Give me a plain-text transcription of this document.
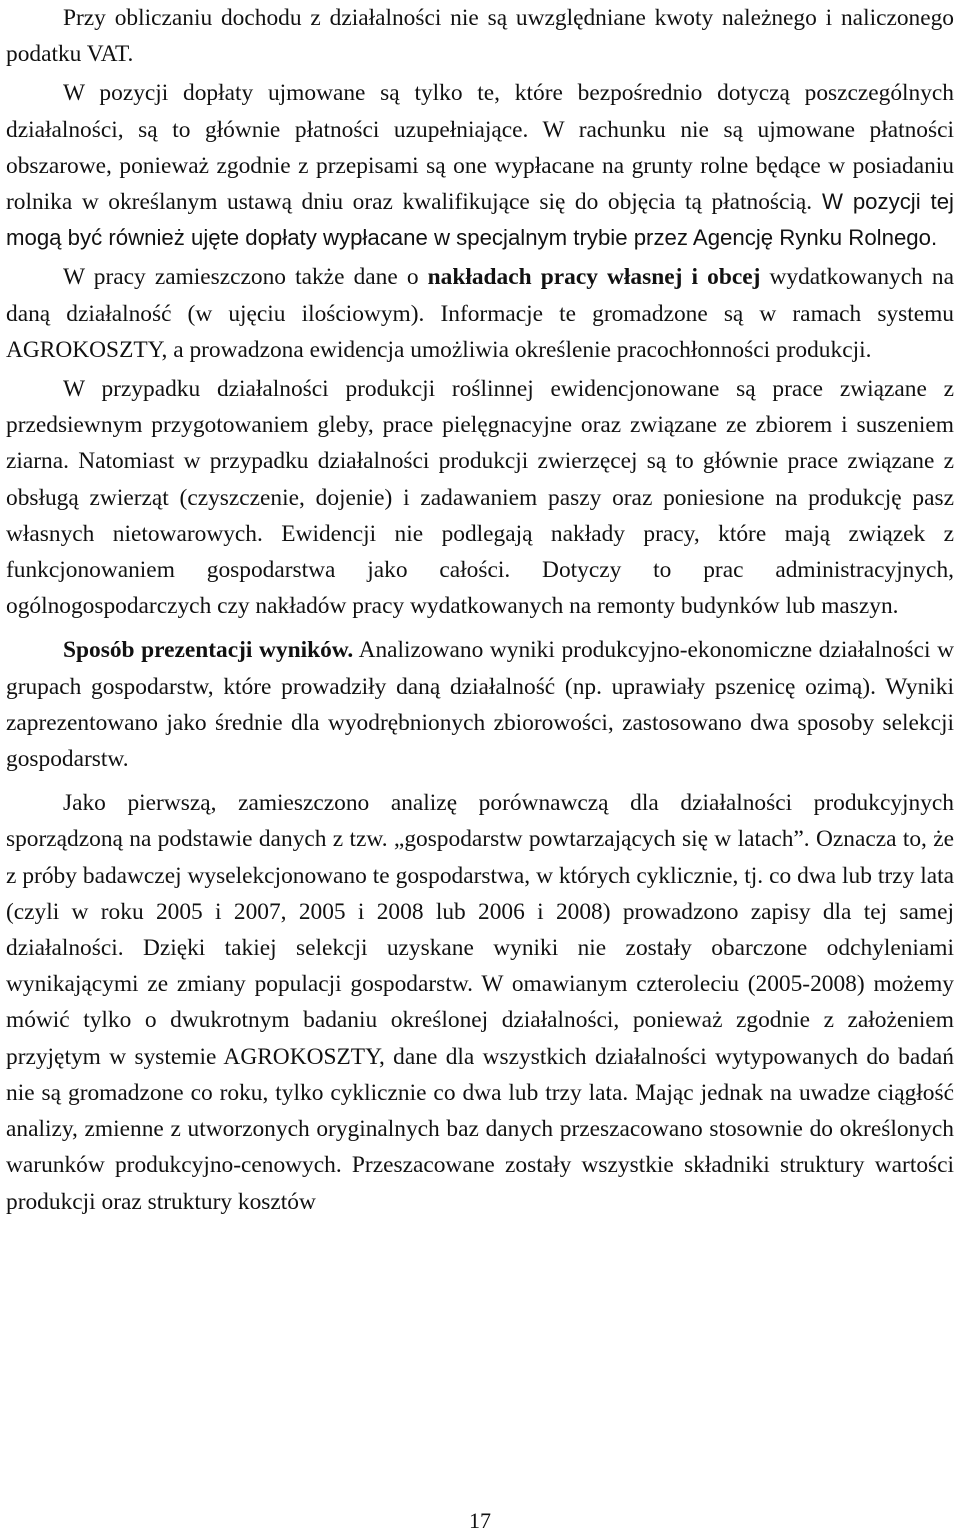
Przy obliczaniu dochodu z działalności nie są uwzględniane kwoty należnego i naliczonego podatku VAT.

W pozycji dopłaty ujmowane są tylko te, które bezpośrednio dotyczą poszczególnych działalności, są to głównie płatności uzupełniające. W rachunku nie są ujmowane płatności obszarowe, ponieważ zgodnie z przepisami są one wypłacane na grunty rolne będące w posiadaniu rolnika w określanym ustawą dniu oraz kwalifikujące się do objęcia tą płatnością. W pozycji tej mogą być również ujęte dopłaty wypłacane w specjalnym trybie przez Agencję Rynku Rolnego.

W pracy zamieszczono także dane o nakładach pracy własnej i obcej wydatkowanych na daną działalność (w ujęciu ilościowym). Informacje te gromadzone są w ramach systemu AGROKOSZTY, a prowadzona ewidencja umożliwia określenie pracochłonności produkcji.

W przypadku działalności produkcji roślinnej ewidencjonowane są prace związane z przedsiewnym przygotowaniem gleby, prace pielęgnacyjne oraz związane ze zbiorem i suszeniem ziarna. Natomiast w przypadku działalności produkcji zwierzęcej są to głównie prace związane z obsługą zwierząt (czyszczenie, dojenie) i zadawaniem paszy oraz poniesione na produkcję pasz własnych nietowarowych. Ewidencji nie podlegają nakłady pracy, które mają związek z funkcjonowaniem gospodarstwa jako całości. Dotyczy to prac administracyjnych, ogólnogospodarczych czy nakładów pracy wydatkowanych na remonty budynków lub maszyn.

Sposób prezentacji wyników. Analizowano wyniki produkcyjno-ekonomiczne działalności w grupach gospodarstw, które prowadziły daną działalność (np. uprawiały pszenicę ozimą). Wyniki zaprezentowano jako średnie dla wyodrębnionych zbiorowości, zastosowano dwa sposoby selekcji gospodarstw.

Jako pierwszą, zamieszczono analizę porównawczą dla działalności produkcyjnych sporządzoną na podstawie danych z tzw. „gospodarstw powtarzających się w latach”. Oznacza to, że z próby badawczej wyselekcjonowano te gospodarstwa, w których cyklicznie, tj. co dwa lub trzy lata (czyli w roku 2005 i 2007, 2005 i 2008 lub 2006 i 2008) prowadzono zapisy dla tej samej działalności. Dzięki takiej selekcji uzyskane wyniki nie zostały obarczone odchyleniami wynikającymi ze zmiany populacji gospodarstw. W omawianym czteroleciu (2005-2008) możemy mówić tylko o dwukrotnym badaniu określonej działalności, ponieważ zgodnie z założeniem przyjętym w systemie AGROKOSZTY, dane dla wszystkich działalności wytypowanych do badań nie są gromadzone co roku, tylko cyklicznie co dwa lub trzy lata. Mając jednak na uwadze ciągłość analizy, zmienne z utworzonych oryginalnych baz danych przeszacowano stosownie do określonych warunków produkcyjno-cenowych. Przeszacowane zostały wszystkie składniki struktury wartości produkcji oraz struktury kosztów

17
